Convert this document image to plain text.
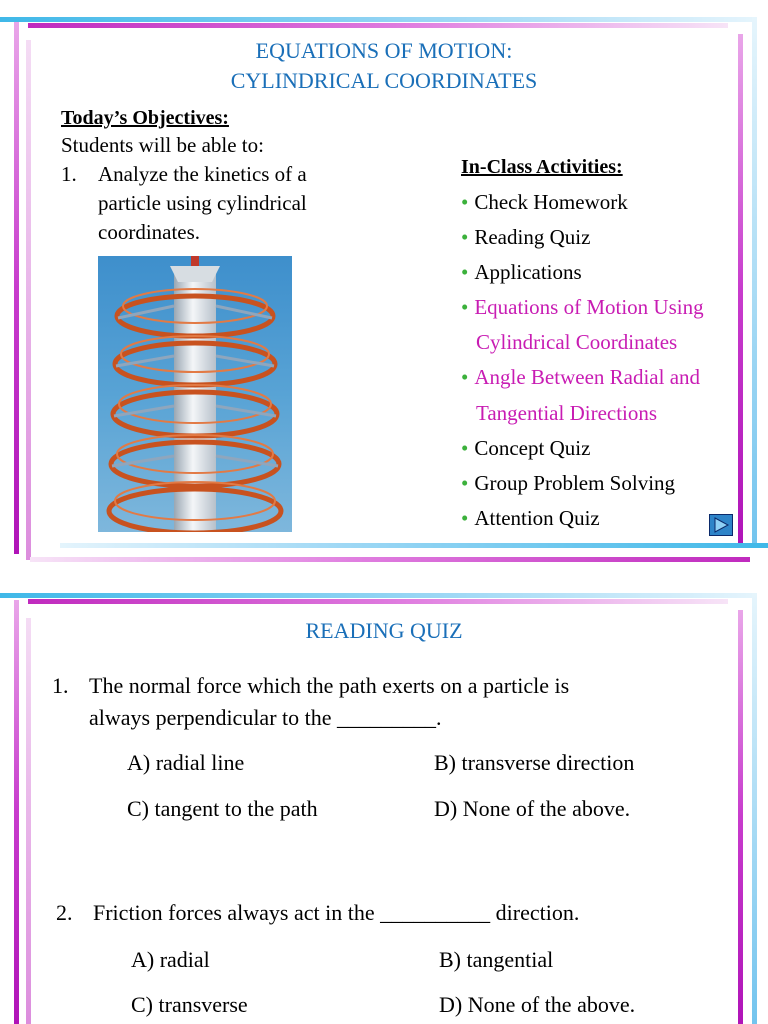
EQUATIONS OF MOTION:
CYLINDRICAL COORDINATES
Today’s Objectives:
Students will be able to:
1. Analyze the kinetics of a
particle using cylindrical
coordinates.
In-Class Activities:
• Check Homework
• Reading Quiz
• Applications
• Equations of Motion Using
Cylindrical Coordinates
• Angle Between Radial and
Tangential Directions
• Concept Quiz
• Group Problem Solving
• Attention Quiz
READING QUIZ
1. The normal force which the path exerts on a particle is
always perpendicular to the _________.
A) radial line	B) transverse direction
C) tangent to the path	D) None of the above.
2. Friction forces always act in the __________ direction.
A) radial	B) tangential
C) transverse	D) None of the above.
